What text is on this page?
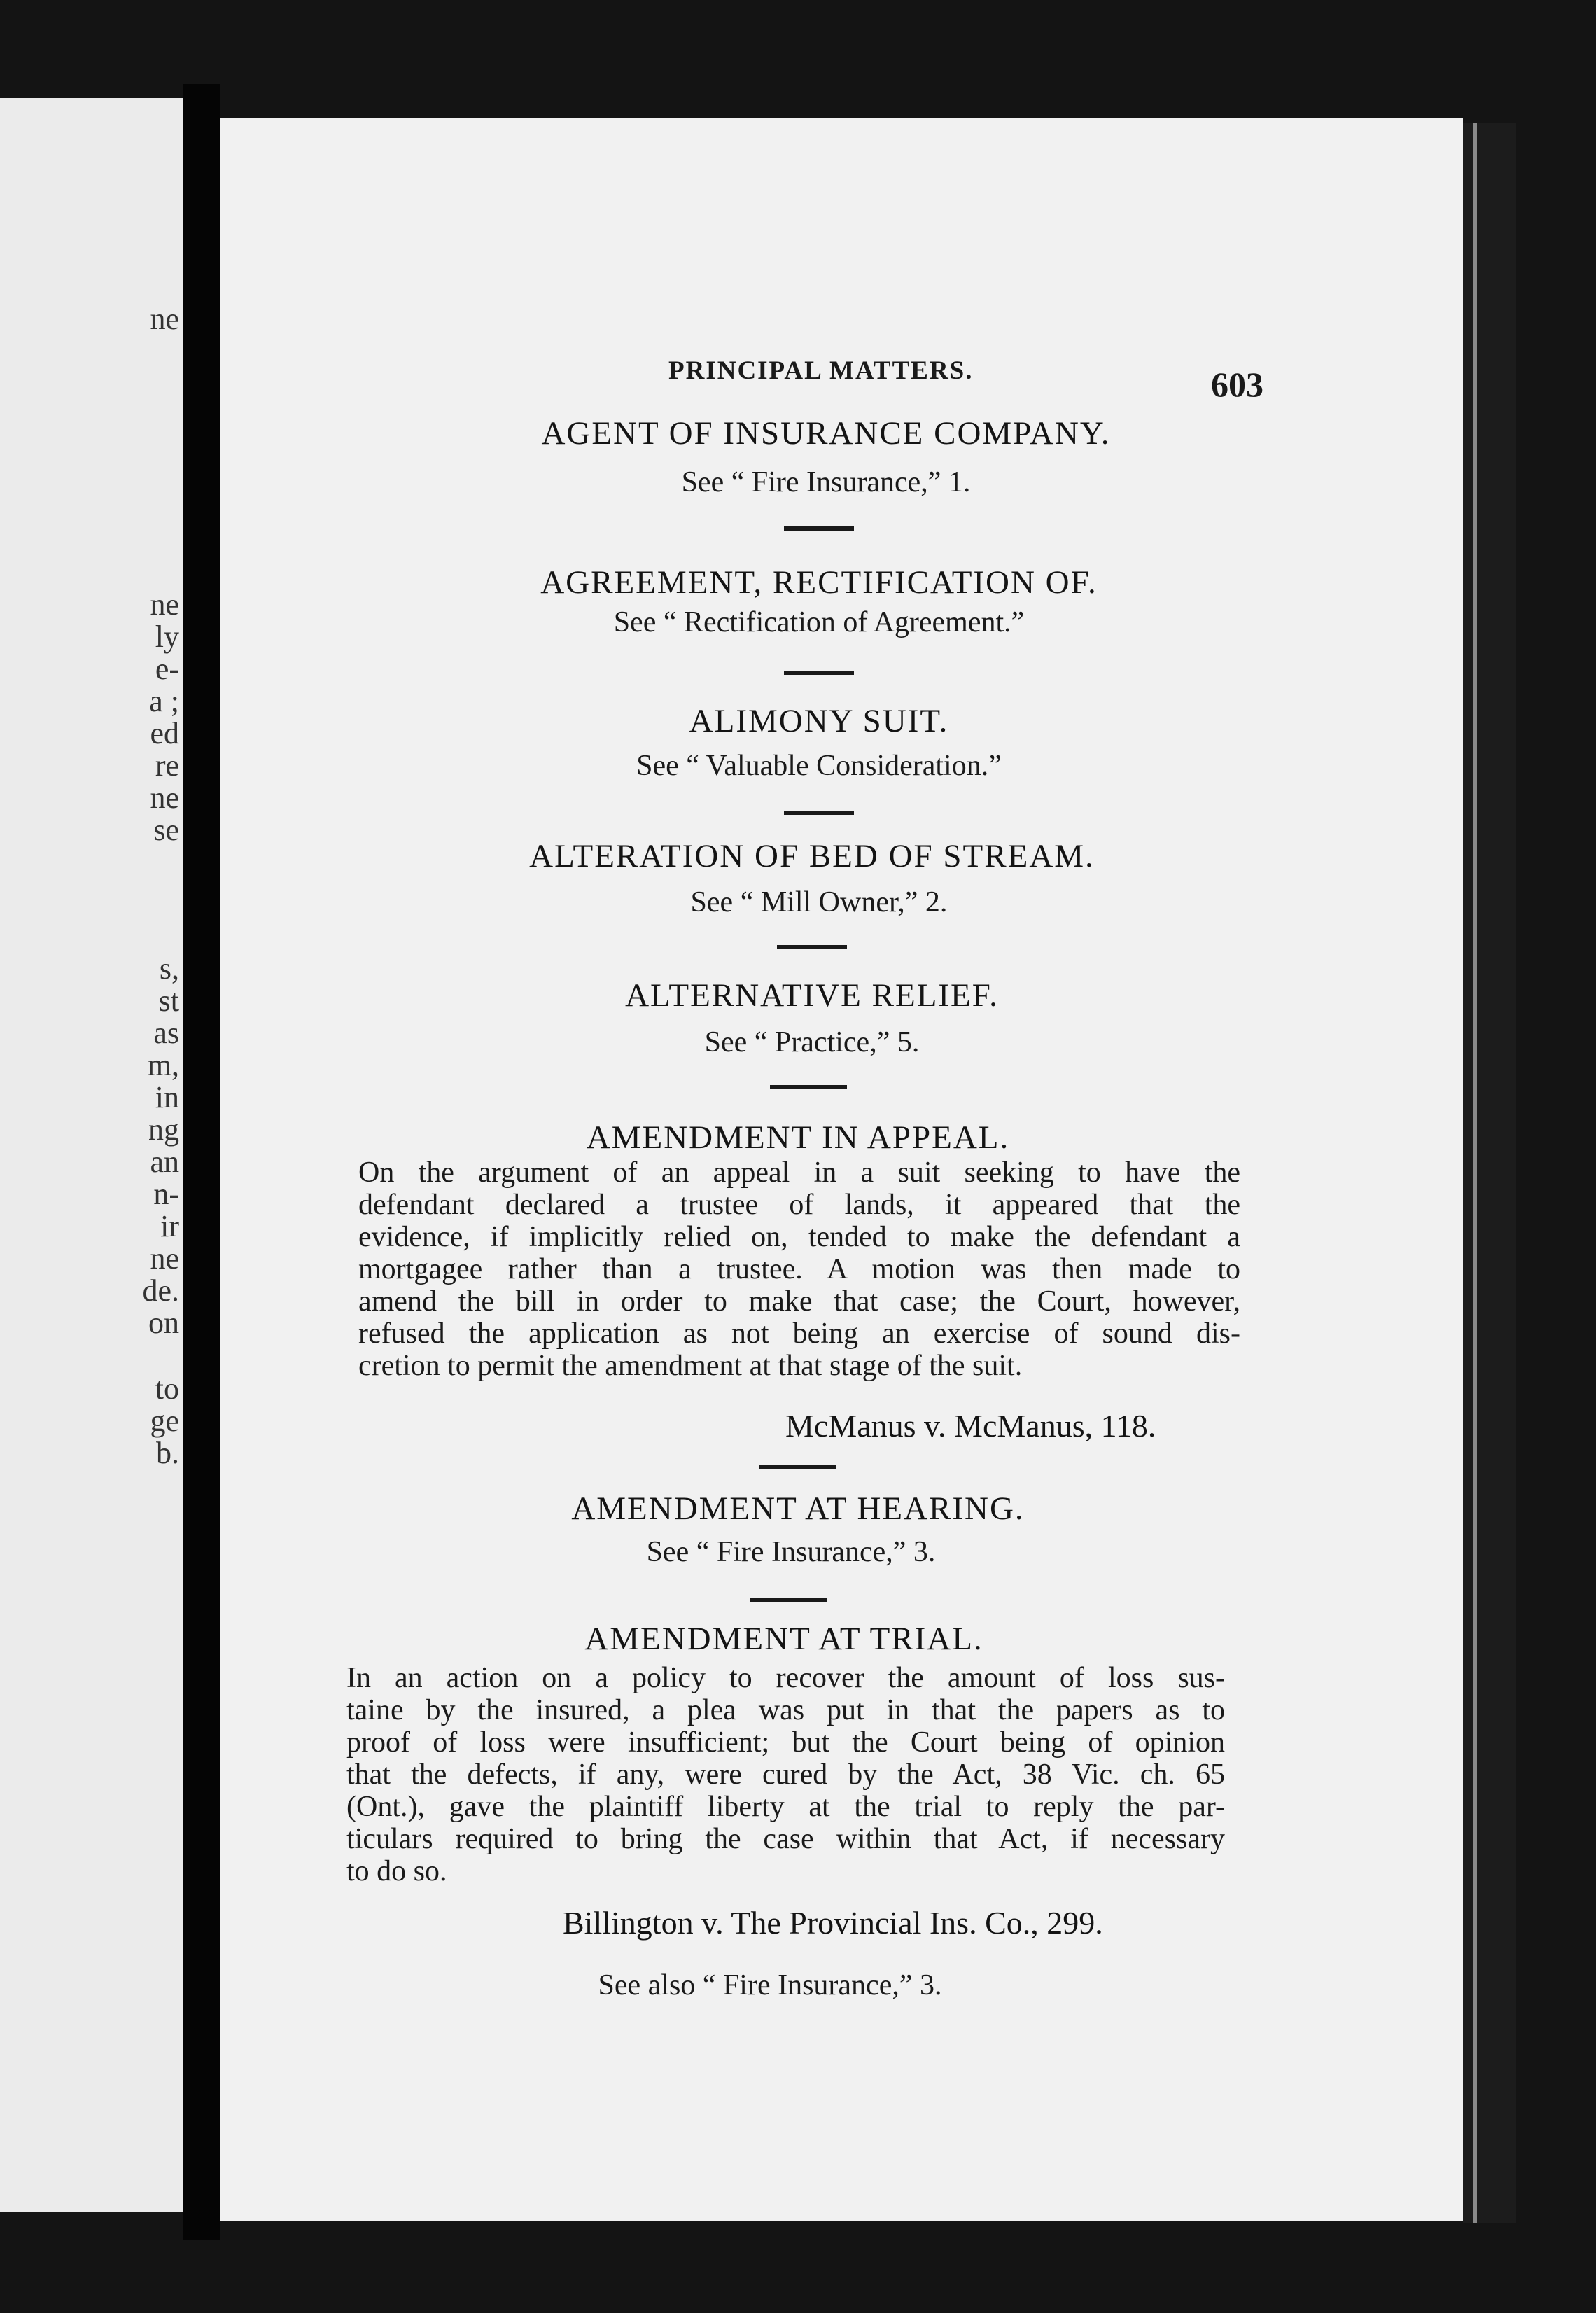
ne
ne
ly
e-
a ;
ed
re
ne
se
s,
st
as
m,
in
ng
an
n-
ir
ne
de.
on
to
ge
b.
PRINCIPAL MATTERS.	603
AGENT OF INSURANCE COMPANY.
See “ Fire Insurance,” 1.
AGREEMENT, RECTIFICATION OF.
See “ Rectification of Agreement.”
ALIMONY SUIT.
See “ Valuable Consideration.”
ALTERATION OF BED OF STREAM.
See “ Mill Owner,” 2.
ALTERNATIVE RELIEF.
See “ Practice,” 5.
AMENDMENT IN APPEAL.
On the argument of an appeal in a suit seeking to have the
defendant declared a trustee of lands, it appeared that the
evidence, if implicitly relied on, tended to make the defendant a
mortgagee rather than a trustee. A motion was then made to
amend the bill in order to make that case; the Court, however,
refused the application as not being an exercise of sound dis-
cretion to permit the amendment at that stage of the suit.
McManus v. McManus, 118.
AMENDMENT AT HEARING.
See “ Fire Insurance,” 3.
AMENDMENT AT TRIAL.
In an action on a policy to recover the amount of loss sus-
taine by the insured, a plea was put in that the papers as to
proof of loss were insufficient; but the Court being of opinion
that the defects, if any, were cured by the Act, 38 Vic. ch. 65
(Ont.), gave the plaintiff liberty at the trial to reply the par-
ticulars required to bring the case within that Act, if necessary
to do so.
Billington v. The Provincial Ins. Co., 299.
See also “ Fire Insurance,” 3.
